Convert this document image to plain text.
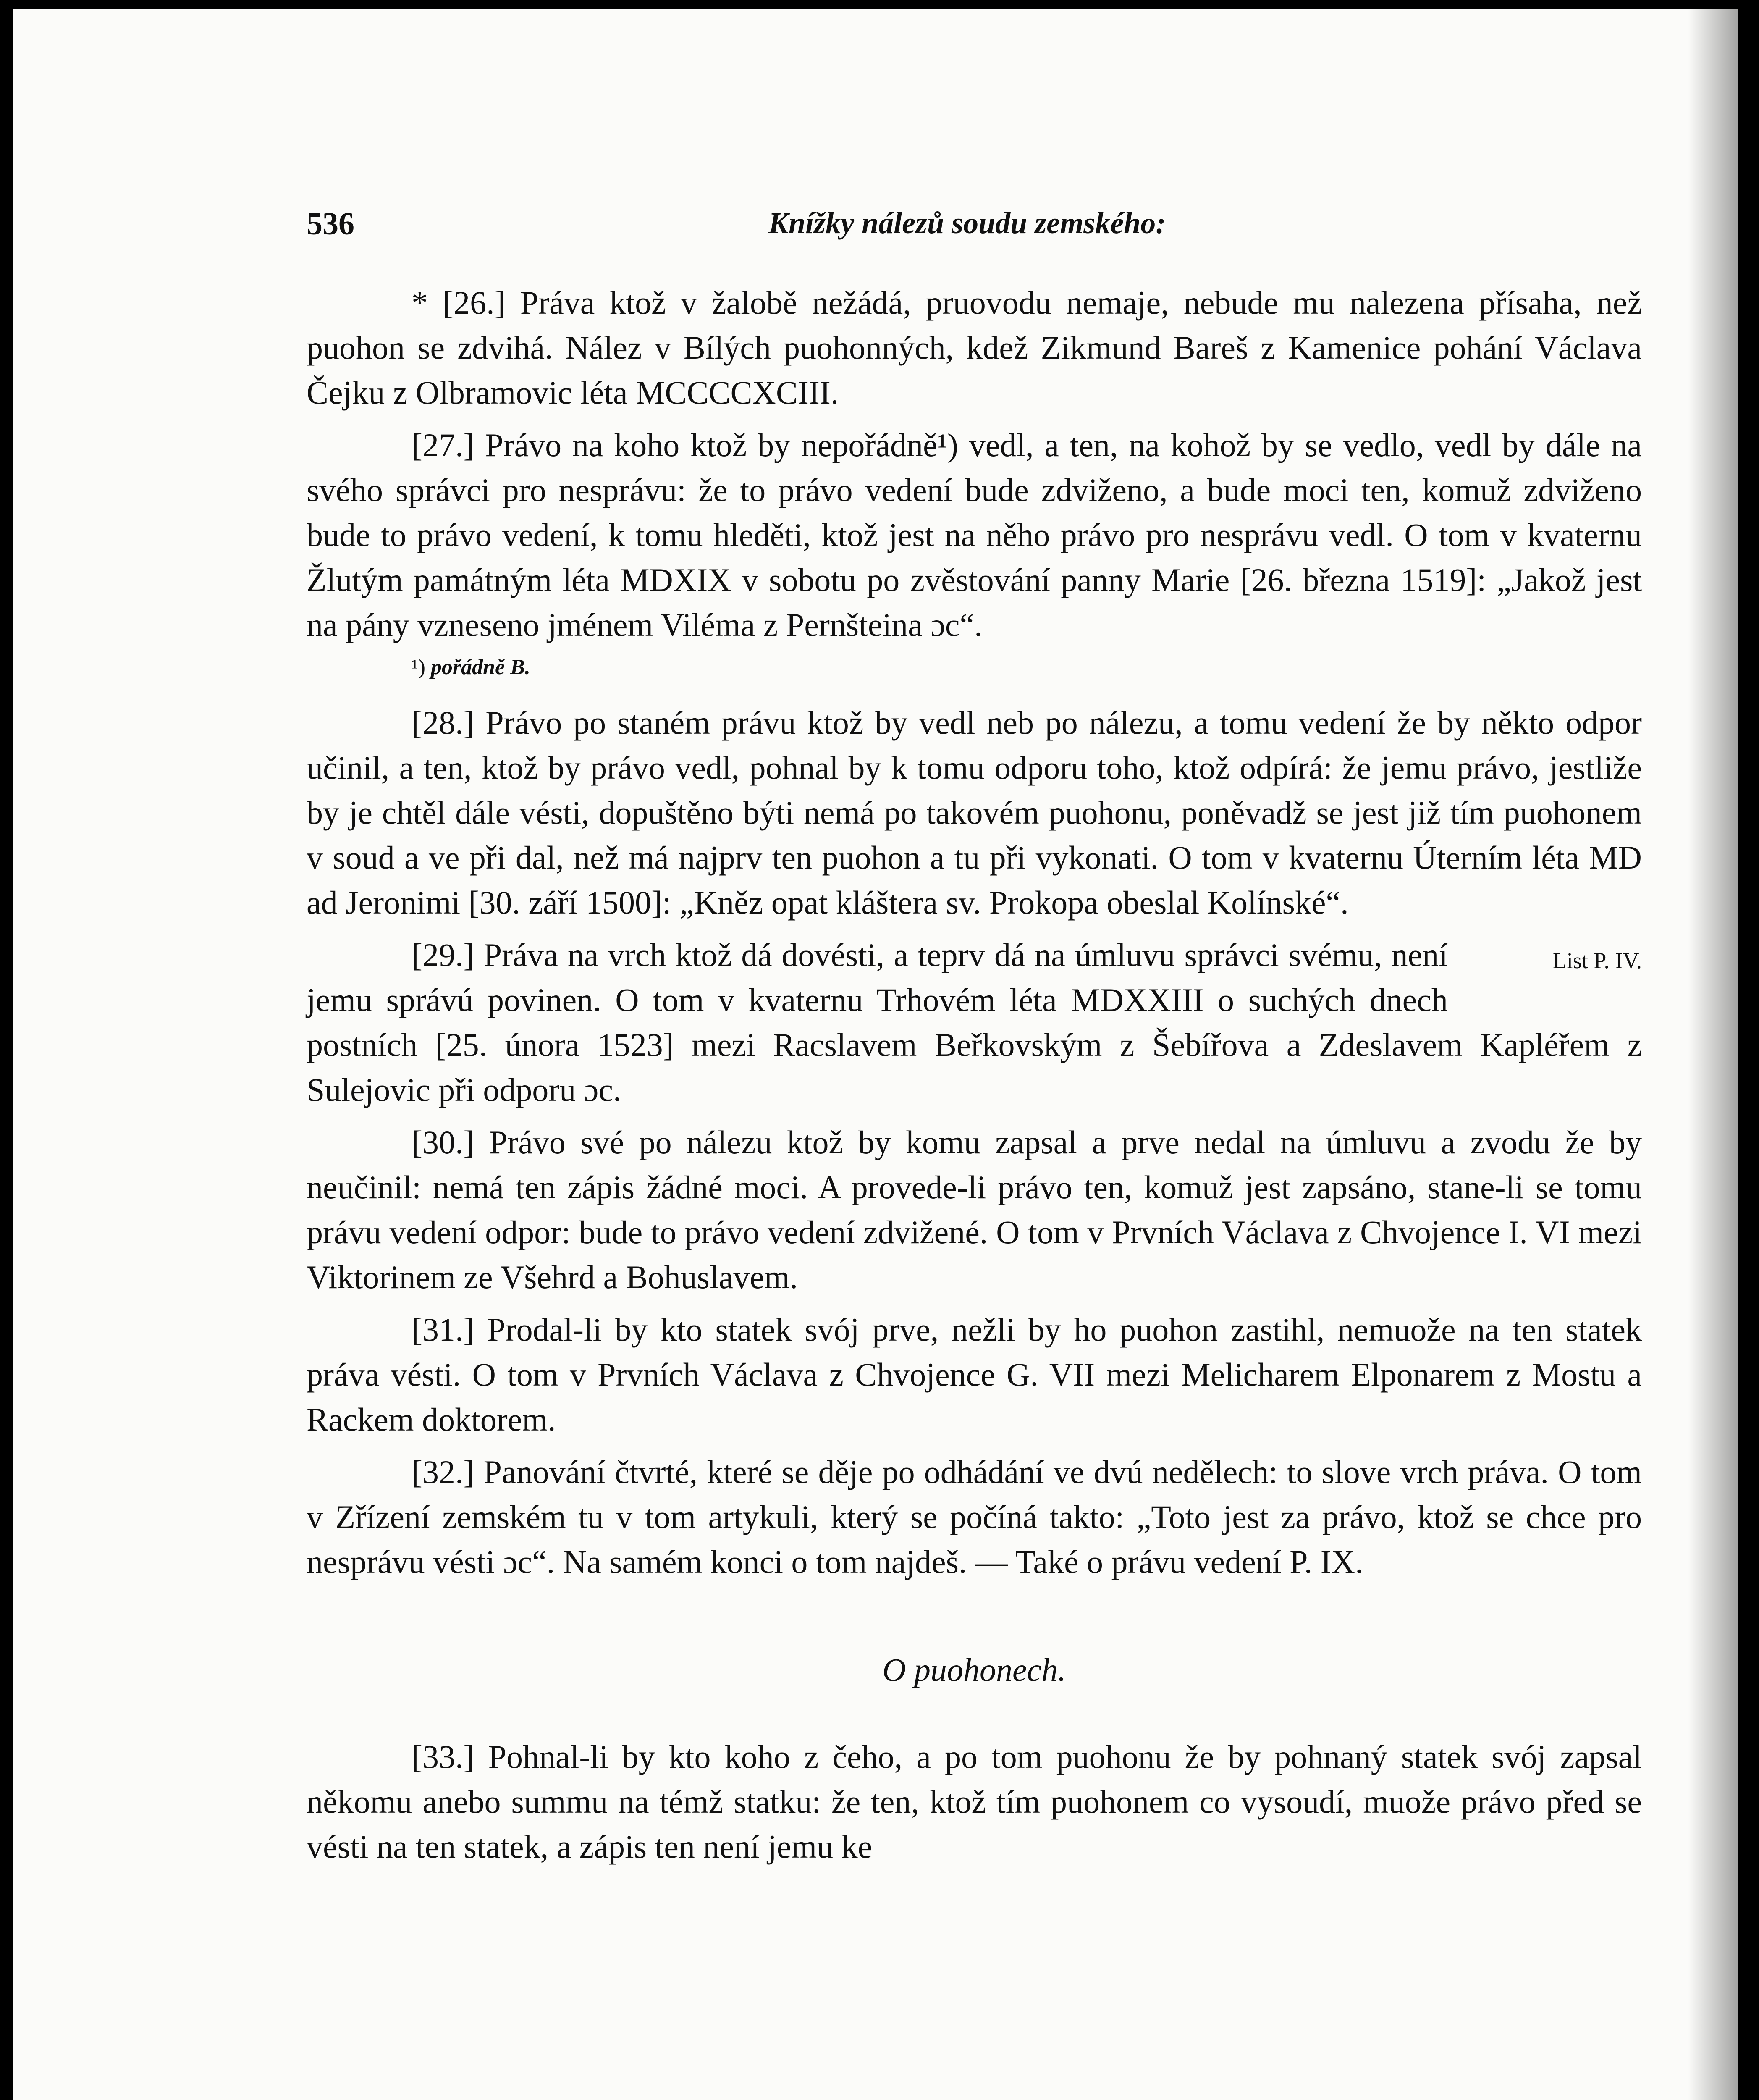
536	Knížky nálezů soudu zemského:

* [26.] Práva ktož v žalobě nežádá, pruovodu nemaje, nebude mu nalezena přísaha, než puohon se zdvihá. Nález v Bílých puohonných, kdež Zikmund Bareš z Kamenice pohání Václava Čejku z Olbramovic léta MCCCCXCIII.

[27.] Právo na koho ktož by nepořádně¹) vedl, a ten, na kohož by se vedlo, vedl by dále na svého správci pro nesprávu: že to právo vedení bude zdviženo, a bude moci ten, komuž zdviženo bude to právo vedení, k tomu hleděti, ktož jest na něho právo pro nesprávu vedl. O tom v kvaternu Žlutým památným léta MDXIX v sobotu po zvěstování panny Marie [26. března 1519]: „Jakož jest na pány vzneseno jménem Viléma z Pernšteina ɔc“.

¹) pořádně B.

[28.] Právo po staném právu ktož by vedl neb po nálezu, a tomu vedení že by někto odpor učinil, a ten, ktož by právo vedl, pohnal by k tomu odporu toho, ktož odpírá: že jemu právo, jestliže by je chtěl dále vésti, dopuštěno býti nemá po takovém puohonu, poněvadž se jest již tím puohonem v soud a ve při dal, než má najprv ten puohon a tu při vykonati. O tom v kvaternu Úterním léta MD ad Jeronimi [30. září 1500]: „Kněz opat kláštera sv. Prokopa obeslal Kolínské“.

List P. IV.
[29.] Práva na vrch ktož dá dovésti, a teprv dá na úmluvu správci svému, není jemu správú povinen. O tom v kvaternu Trhovém léta MDXXIII o suchých dnech postních [25. února 1523] mezi Racslavem Beřkovským z Šebířova a Zdeslavem Kapléřem z Sulejovic při odporu ɔc.

[30.] Právo své po nálezu ktož by komu zapsal a prve nedal na úmluvu a zvodu že by neučinil: nemá ten zápis žádné moci. A provede-li právo ten, komuž jest zapsáno, stane-li se tomu právu vedení odpor: bude to právo vedení zdvižené. O tom v Prvních Václava z Chvojence I. VI mezi Viktorinem ze Všehrd a Bohuslavem.

[31.] Prodal-li by kto statek svój prve, nežli by ho puohon zastihl, nemuože na ten statek práva vésti. O tom v Prvních Václava z Chvojence G. VII mezi Melicharem Elponarem z Mostu a Rackem doktorem.

[32.] Panování čtvrté, které se děje po odhádání ve dvú nedělech: to slove vrch práva. O tom v Zřízení zemském tu v tom artykuli, který se počíná takto: „Toto jest za právo, ktož se chce pro nesprávu vésti ɔc“. Na samém konci o tom najdeš. — Také o právu vedení P. IX.

O puohonech.

[33.] Pohnal-li by kto koho z čeho, a po tom puohonu že by pohnaný statek svój zapsal někomu anebo summu na témž statku: že ten, ktož tím puohonem co vysoudí, muože právo před se vésti na ten statek, a zápis ten není jemu ke
